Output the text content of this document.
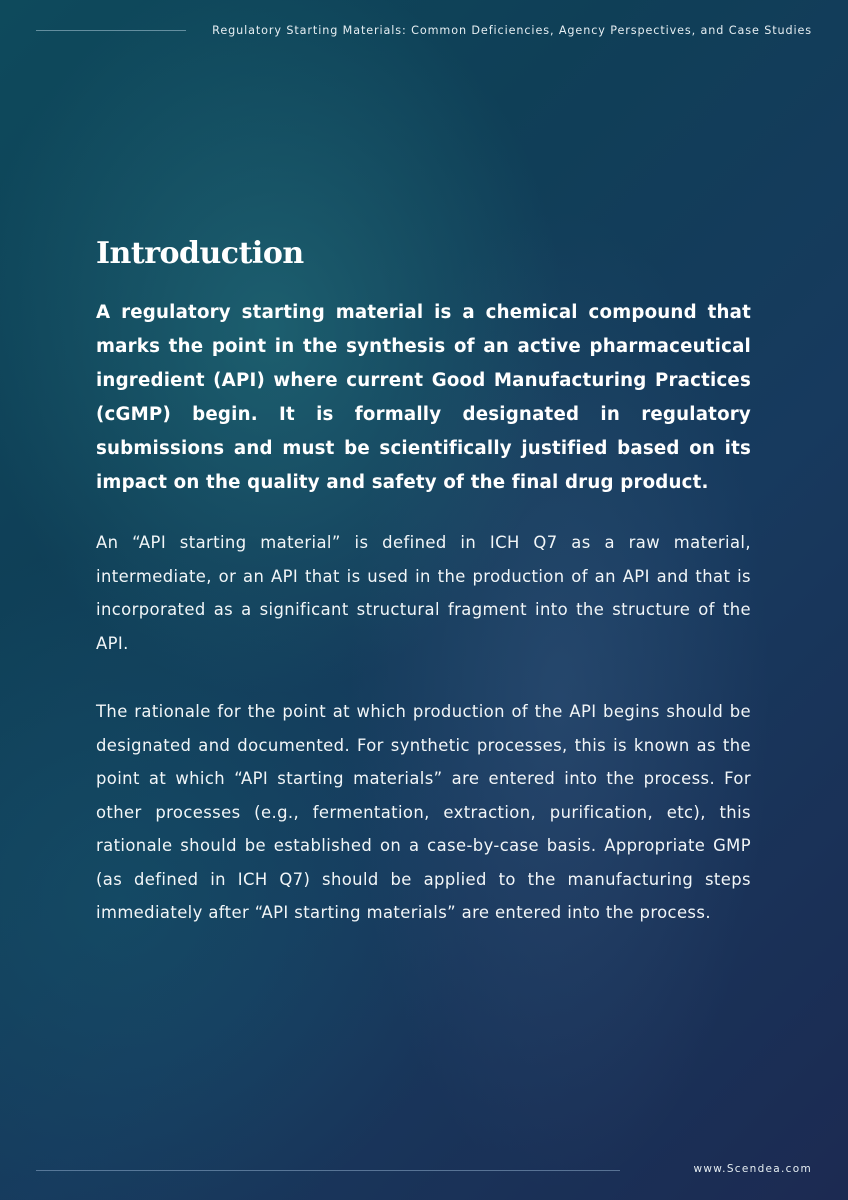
Regulatory Starting Materials: Common Deficiencies, Agency Perspectives, and Case Studies
Introduction

A regulatory starting material is a chemical compound that marks the point in the synthesis of an active pharmaceutical ingredient (API) where current Good Manufacturing Practices (cGMP) begin. It is formally designated in regulatory submissions and must be scientifically justified based on its impact on the quality and safety of the final drug product.

An “API starting material” is defined in ICH Q7 as a raw material, intermediate, or an API that is used in the production of an API and that is incorporated as a significant structural fragment into the structure of the API.

The rationale for the point at which production of the API begins should be designated and documented. For synthetic processes, this is known as the point at which “API starting materials” are entered into the process. For other processes (e.g., fermentation, extraction, purification, etc), this rationale should be established on a case-by-case basis. Appropriate GMP (as defined in ICH Q7) should be applied to the manufacturing steps immediately after “API starting materials” are entered into the process.

www.Scendea.com
